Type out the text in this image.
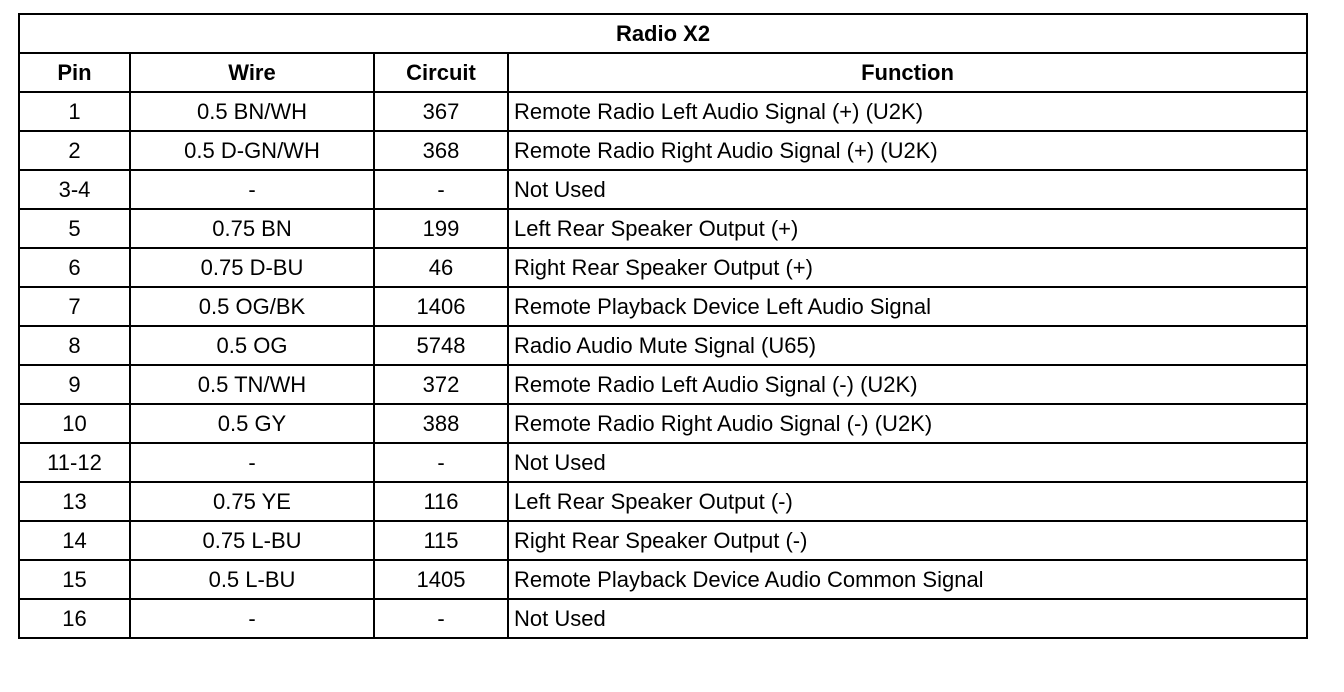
Radio X2			
Pin	Wire	Circuit	Function
1	0.5 BN/WH	367	Remote Radio Left Audio Signal (+) (U2K)
2	0.5 D-GN/WH	368	Remote Radio Right Audio Signal (+) (U2K)
3-4	-	-	Not Used
5	0.75 BN	199	Left Rear Speaker Output (+)
6	0.75 D-BU	46	Right Rear Speaker Output (+)
7	0.5 OG/BK	1406	Remote Playback Device Left Audio Signal
8	0.5 OG	5748	Radio Audio Mute Signal (U65)
9	0.5 TN/WH	372	Remote Radio Left Audio Signal (-) (U2K)
10	0.5 GY	388	Remote Radio Right Audio Signal (-) (U2K)
11-12	-	-	Not Used
13	0.75 YE	116	Left Rear Speaker Output (-)
14	0.75 L-BU	115	Right Rear Speaker Output (-)
15	0.5 L-BU	1405	Remote Playback Device Audio Common Signal
16	-	-	Not Used
